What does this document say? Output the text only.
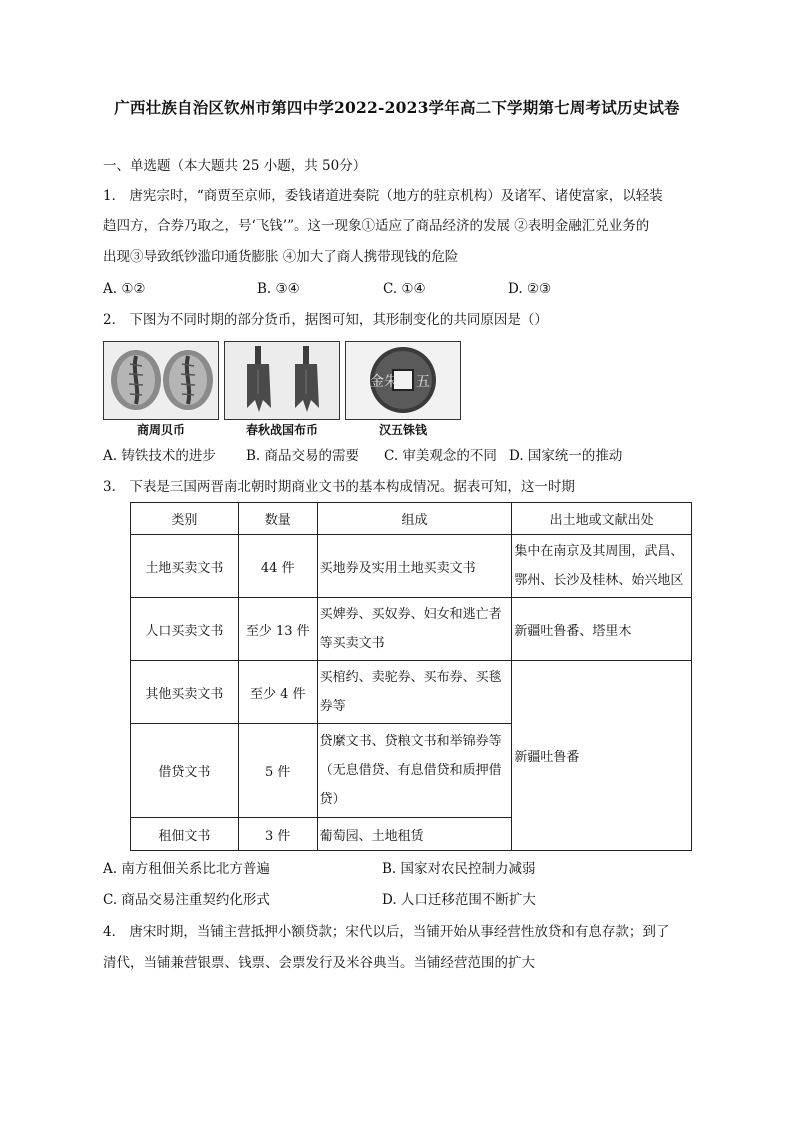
广西壮族自治区钦州市第四中学2022-2023学年高二下学期第七周考试历史试卷
一、单选题（本大题共 25 小题，共 50分）
1． 唐宪宗时，“商贾至京师，委钱诸道进奏院（地方的驻京机构）及诸军、诸使富家，以轻装
趋四方，合券乃取之，号‘飞钱’”。这一现象①适应了商品经济的发展 ②表明金融汇兑业务的
出现③导致纸钞滥印通货膨胀 ④加大了商人携带现钱的危险
A. ①②	B. ③④	C. ①④	D. ②③
2． 下图为不同时期的部分货币，据图可知，其形制变化的共同原因是（）
商周贝币	春秋战国布币
金朱 五
汉五铢钱
A. 铸铁技术的进步 B. 商品交易的需要 C. 审美观念的不同 D. 国家统一的推动
3． 下表是三国两晋南北朝时期商业文书的基本构成情况。据表可知，这一时期
类别	数量	组成	出土地或文献出处
土地买卖文书	44 件	买地券及实用土地买卖文书	集中在南京及其周围，武昌、鄂州、长沙及桂林、始兴地区
人口买卖文书	至少 13 件	买婢券、买奴券、妇女和逃亡者等买卖文书	新疆吐鲁番、塔里木
其他买卖文书	至少 4 件	买棺约、卖驼券、买布券、买毯券等	新疆吐鲁番
借贷文书	5 件	贷縻文书、贷粮文书和举锦券等（无息借贷、有息借贷和质押借贷）	
租佃文书	3 件	葡萄园、土地租赁	
A. 南方租佃关系比北方普遍	B. 国家对农民控制力减弱
C. 商品交易注重契约化形式	D. 人口迁移范围不断扩大
4． 唐宋时期，当铺主营抵押小额贷款；宋代以后，当铺开始从事经营性放贷和有息存款；到了
清代，当铺兼营银票、钱票、会票发行及米谷典当。当铺经营范围的扩大
